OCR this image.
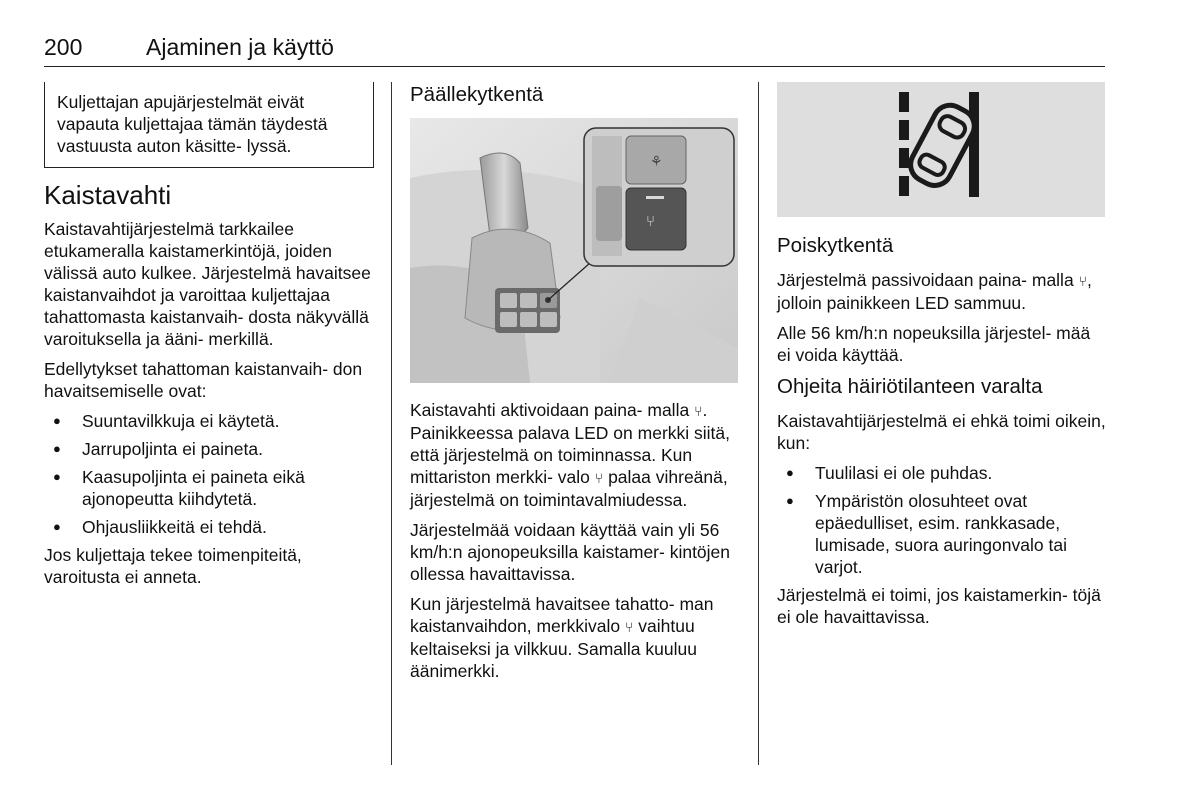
200	Ajaminen ja käyttö
Kuljettajan apujärjestelmät eivät vapauta kuljettajaa tämän täydestä vastuusta auton käsitte- lyssä.
Kaistavahti

Kaistavahtijärjestelmä tarkkailee etukameralla kaistamerkintöjä, joiden välissä auto kulkee. Järjestelmä havaitsee kaistanvaihdot ja varoittaa kuljettajaa tahattomasta kaistanvaih- dosta näkyvällä varoituksella ja ääni- merkillä.

Edellytykset tahattoman kaistanvaih- don havaitsemiselle ovat:

● Suuntavilkkuja ei käytetä.
● Jarrupoljinta ei paineta.
● Kaasupoljinta ei paineta eikä ajonopeutta kiihdytetä.
● Ohjausliikkeitä ei tehdä.

Jos kuljettaja tekee toimenpiteitä, varoitusta ei anneta.

Päällekytkentä
⚘
⑂

Kaistavahti aktivoidaan paina- malla ⑂. Painikkeessa palava LED on merkki siitä, että järjestelmä on toiminnassa. Kun mittariston merkki- valo ⑂ palaa vihreänä, järjestelmä on toimintavalmiudessa.

Järjestelmää voidaan käyttää vain yli 56 km/h:n ajonopeuksilla kaistamer- kintöjen ollessa havaittavissa.

Kun järjestelmä havaitsee tahatto- man kaistanvaihdon, merkkivalo ⑂ vaihtuu keltaiseksi ja vilkkuu. Samalla kuuluu äänimerkki.

Poiskytkentä

Järjestelmä passivoidaan paina- malla ⑂, jolloin painikkeen LED sammuu.

Alle 56 km/h:n nopeuksilla järjestel- mää ei voida käyttää.

Ohjeita häiriötilanteen varalta

Kaistavahtijärjestelmä ei ehkä toimi oikein, kun:

● Tuulilasi ei ole puhdas.
● Ympäristön olosuhteet ovat epäedulliset, esim. rankkasade, lumisade, suora auringonvalo tai varjot.

Järjestelmä ei toimi, jos kaistamerkin- töjä ei ole havaittavissa.
